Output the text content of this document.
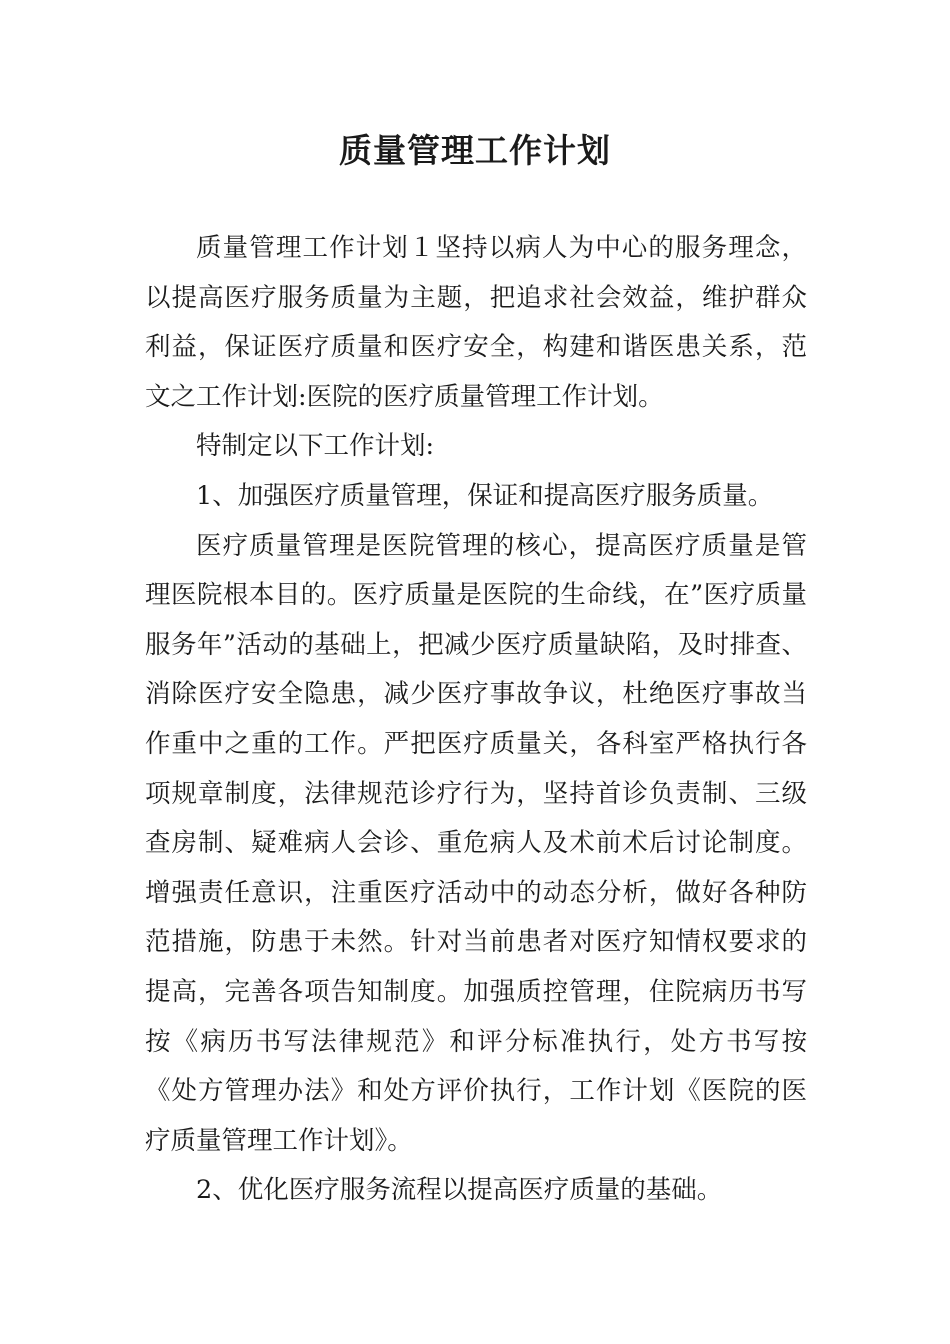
质量管理工作计划

质量管理工作计划１坚持以病人为中心的服务理念，以提高医疗服务质量为主题，把追求社会效益，维护群众利益，保证医疗质量和医疗安全，构建和谐医患关系，范文之工作计划:医院的医疗质量管理工作计划。

特制定以下工作计划:

1、加强医疗质量管理，保证和提高医疗服务质量。

医疗质量管理是医院管理的核心，提高医疗质量是管理医院根本目的。医疗质量是医院的生命线，在”医疗质量服务年”活动的基础上，把减少医疗质量缺陷，及时排查、消除医疗安全隐患，减少医疗事故争议，杜绝医疗事故当作重中之重的工作。严把医疗质量关，各科室严格执行各项规章制度，法律规范诊疗行为，坚持首诊负责制、三级查房制、疑难病人会诊、重危病人及术前术后讨论制度。增强责任意识，注重医疗活动中的动态分析，做好各种防范措施，防患于未然。针对当前患者对医疗知情权要求的提高，完善各项告知制度。加强质控管理，住院病历书写按《病历书写法律规范》和评分标准执行，处方书写按《处方管理办法》和处方评价执行，工作计划《医院的医疗质量管理工作计划》。

2、优化医疗服务流程以提高医疗质量的基础。
